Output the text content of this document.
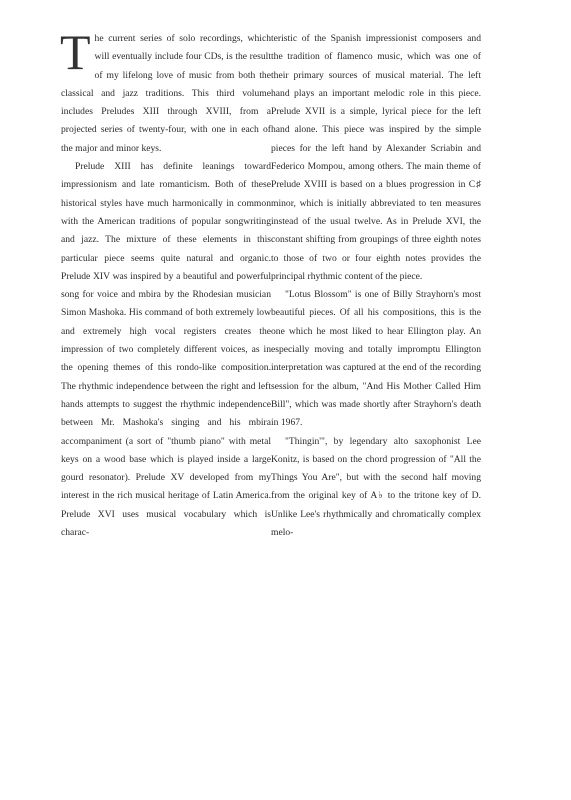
The current series of solo recordings, which will eventually include four CDs, is the result of my lifelong love of music from both the classical and jazz traditions. This third volume includes Preludes XIII through XVIII, from a projected series of twenty-four, with one in each of the major and minor keys.

Prelude XIII has definite leanings toward impressionism and late romanticism. Both of these historical styles have much harmonically in common with the American traditions of popular songwriting and jazz. The mixture of these elements in this particular piece seems quite natural and organic. Prelude XIV was inspired by a beautiful and powerful song for voice and mbira by the Rhodesian musician Simon Mashoka. His command of both extremely low and extremely high vocal registers creates the impression of two completely different voices, as in the opening themes of this rondo-like composition. The rhythmic independence between the right and left hands attempts to suggest the rhythmic independence between Mr. Mashoka's singing and his mbira accompaniment (a sort of "thumb piano" with metal keys on a wood base which is played inside a large gourd resonator). Prelude XV developed from my interest in the rich musical heritage of Latin America. Prelude XVI uses musical vocabulary which is charac-

teristic of the Spanish impressionist composers and the tradition of flamenco music, which was one of their primary sources of musical material. The left hand plays an important melodic role in this piece. Prelude XVII is a simple, lyrical piece for the left hand alone. This piece was inspired by the simple pieces for the left hand by Alexander Scriabin and Federico Mompou, among others. The main theme of Prelude XVIII is based on a blues progression in C♯ minor, which is initially abbreviated to ten measures instead of the usual twelve. As in Prelude XVI, the constant shifting from groupings of three eighth notes to those of two or four eighth notes provides the principal rhythmic content of the piece.

"Lotus Blossom" is one of Billy Strayhorn's most beautiful pieces. Of all his compositions, this is the one which he most liked to hear Ellington play. An especially moving and totally impromptu Ellington interpretation was captured at the end of the recording session for the album, "And His Mother Called Him Bill", which was made shortly after Strayhorn's death in 1967.

"Thingin'", by legendary alto saxophonist Lee Konitz, is based on the chord progression of "All the Things You Are", but with the second half moving from the original key of A♭ to the tritone key of D. Unlike Lee's rhythmically and chromatically complex melo-
